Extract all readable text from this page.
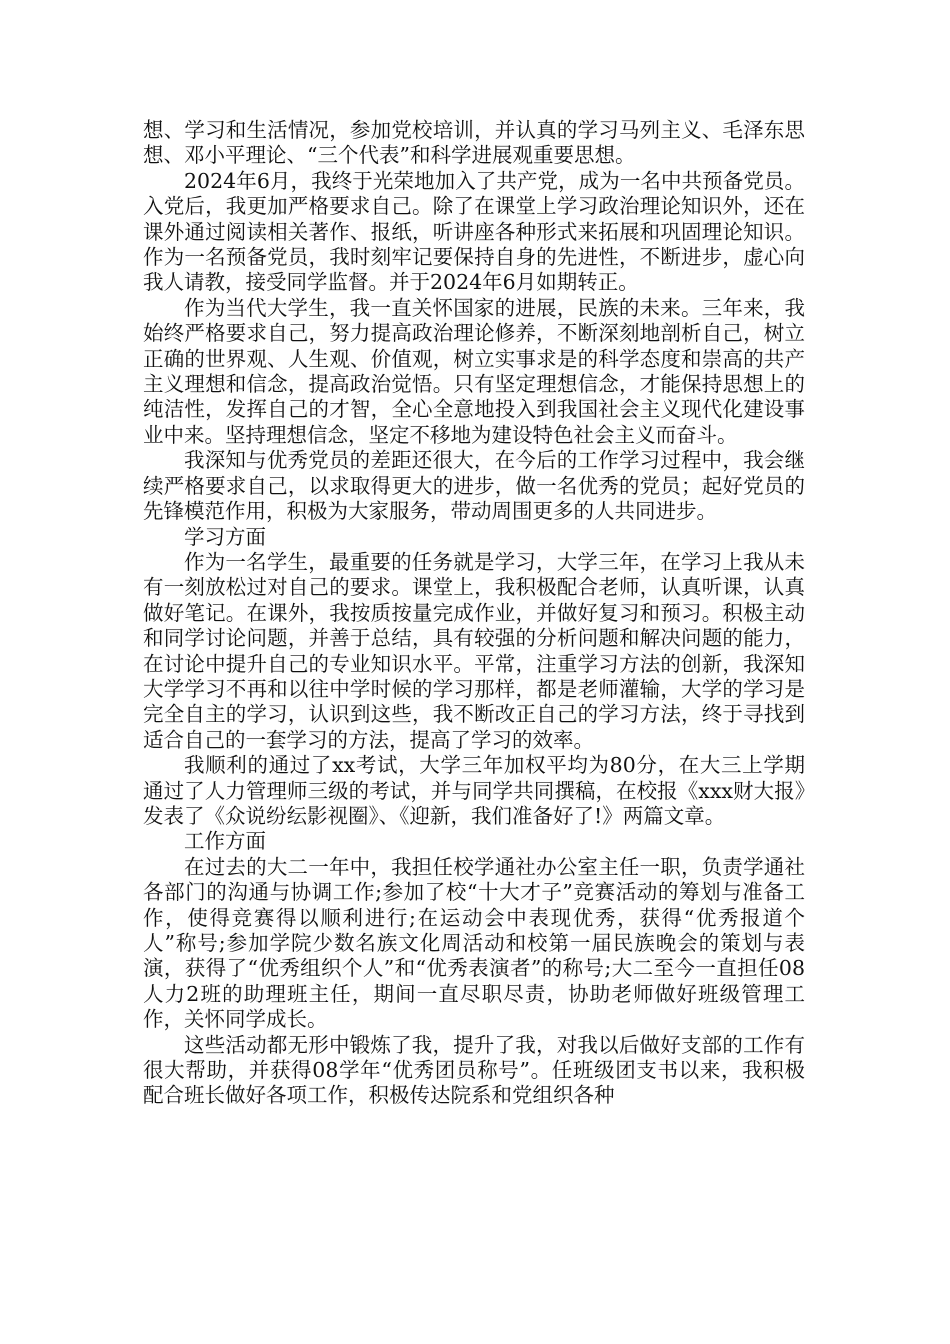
想、学习和生活情况，参加党校培训，并认真的学习马列主义、毛泽东思想、邓小平理论、“三个代表”和科学进展观重要思想。

2024年6月，我终于光荣地加入了共产党，成为一名中共预备党员。入党后，我更加严格要求自己。除了在课堂上学习政治理论知识外，还在课外通过阅读相关著作、报纸，听讲座各种形式来拓展和巩固理论知识。作为一名预备党员，我时刻牢记要保持自身的先进性，不断进步，虚心向我人请教，接受同学监督。并于2024年6月如期转正。

作为当代大学生，我一直关怀国家的进展，民族的未来。三年来，我始终严格要求自己，努力提高政治理论修养，不断深刻地剖析自己，树立正确的世界观、人生观、价值观，树立实事求是的科学态度和崇高的共产主义理想和信念，提高政治觉悟。只有坚定理想信念，才能保持思想上的纯洁性，发挥自己的才智，全心全意地投入到我国社会主义现代化建设事业中来。坚持理想信念，坚定不移地为建设特色社会主义而奋斗。

我深知与优秀党员的差距还很大，在今后的工作学习过程中，我会继续严格要求自己，以求取得更大的进步，做一名优秀的党员；起好党员的先锋模范作用，积极为大家服务，带动周围更多的人共同进步。

学习方面

作为一名学生，最重要的任务就是学习，大学三年，在学习上我从未有一刻放松过对自己的要求。课堂上，我积极配合老师，认真听课，认真做好笔记。在课外，我按质按量完成作业，并做好复习和预习。积极主动和同学讨论问题，并善于总结，具有较强的分析问题和解决问题的能力，在讨论中提升自己的专业知识水平。平常，注重学习方法的创新，我深知大学学习不再和以往中学时候的学习那样，都是老师灌输，大学的学习是完全自主的学习，认识到这些，我不断改正自己的学习方法，终于寻找到适合自己的一套学习的方法，提高了学习的效率。

我顺利的通过了xx考试，大学三年加权平均为80分，在大三上学期通过了人力管理师三级的考试，并与同学共同撰稿，在校报《xxx财大报》发表了《众说纷纭影视圈》、《迎新，我们准备好了!》两篇文章。

工作方面

在过去的大二一年中，我担任校学通社办公室主任一职，负责学通社各部门的沟通与协调工作;参加了校“十大才子”竞赛活动的筹划与准备工作，使得竞赛得以顺利进行;在运动会中表现优秀，获得“优秀报道个人”称号;参加学院少数名族文化周活动和校第一届民族晚会的策划与表演，获得了“优秀组织个人”和“优秀表演者”的称号;大二至今一直担任08人力2班的助理班主任，期间一直尽职尽责，协助老师做好班级管理工作，关怀同学成长。

这些活动都无形中锻炼了我，提升了我，对我以后做好支部的工作有很大帮助，并获得08学年“优秀团员称号”。任班级团支书以来，我积极配合班长做好各项工作，积极传达院系和党组织各种
